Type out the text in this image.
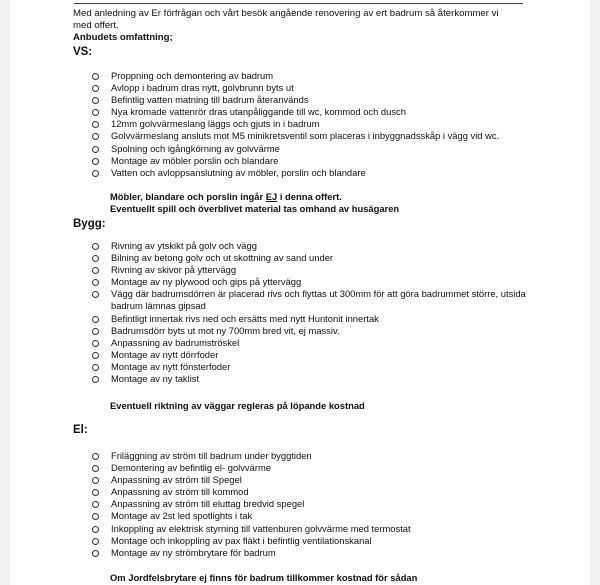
Med anledning av Er förfrågan och vårt besök angående renovering av ert badrum så återkommer vi med offert.

Anbudets omfattning;

VS:

Proppning och demontering av badrum
Avlopp i badrum dras nytt, golvbrunn byts ut
Befintlig vatten matning till badrum återanvänds
Nya kromade vattenrör dras utanpåliggande till wc, kommod och dusch
12mm golvvärmeslang läggs och gjuts in i badrum
Golvvärmeslang ansluts mot M5 minikretsventil som placeras i inbyggnadsskåp i vägg vid wc.
Spolning och igångkörning av golvvärme
Montage av möbler porslin och blandare
Vatten och avloppsanslutning av möbler, porslin och blandare

Möbler, blandare och porslin ingår EJ i denna offert.

Eventuellt spill och överblivet material tas omhand av husägaren

Bygg:

Rivning av ytskikt på golv och vägg
Bilning av betong golv och ut skottning av sand under
Rivning av skivor på yttervägg
Montage av ny plywood och gips på yttervägg
Vägg där badrumsdörren är placerad rivs och flyttas ut 300mm för att göra badrummet större, utsida badrum lämnas gipsad
Befintligt innertak rivs ned och ersätts med nytt Huntonit innertak
Badrumsdörr byts ut mot ny 700mm bred vit, ej massiv.
Anpassning av badrumströskel
Montage av nytt dörrfoder
Montage av nytt fönsterfoder
Montage av ny taklist

Eventuell riktning av väggar regleras på löpande kostnad

El:

Friläggning av ström till badrum under byggtiden
Demontering av befintlig el- golvvärme
Anpassning av ström till Spegel
Anpassning av ström till kommod
Anpassning av ström till eluttag bredvid spegel
Montage av 2st led spotlights i tak
Inkoppling av elektrisk styrning till vattenburen golvvärme med termostat
Montage och inkoppling av pax fläkt i befintlig ventilationskanal
Montage av ny strömbrytare för badrum

Om Jordfelsbrytare ej finns för badrum tillkommer kostnad för sådan
